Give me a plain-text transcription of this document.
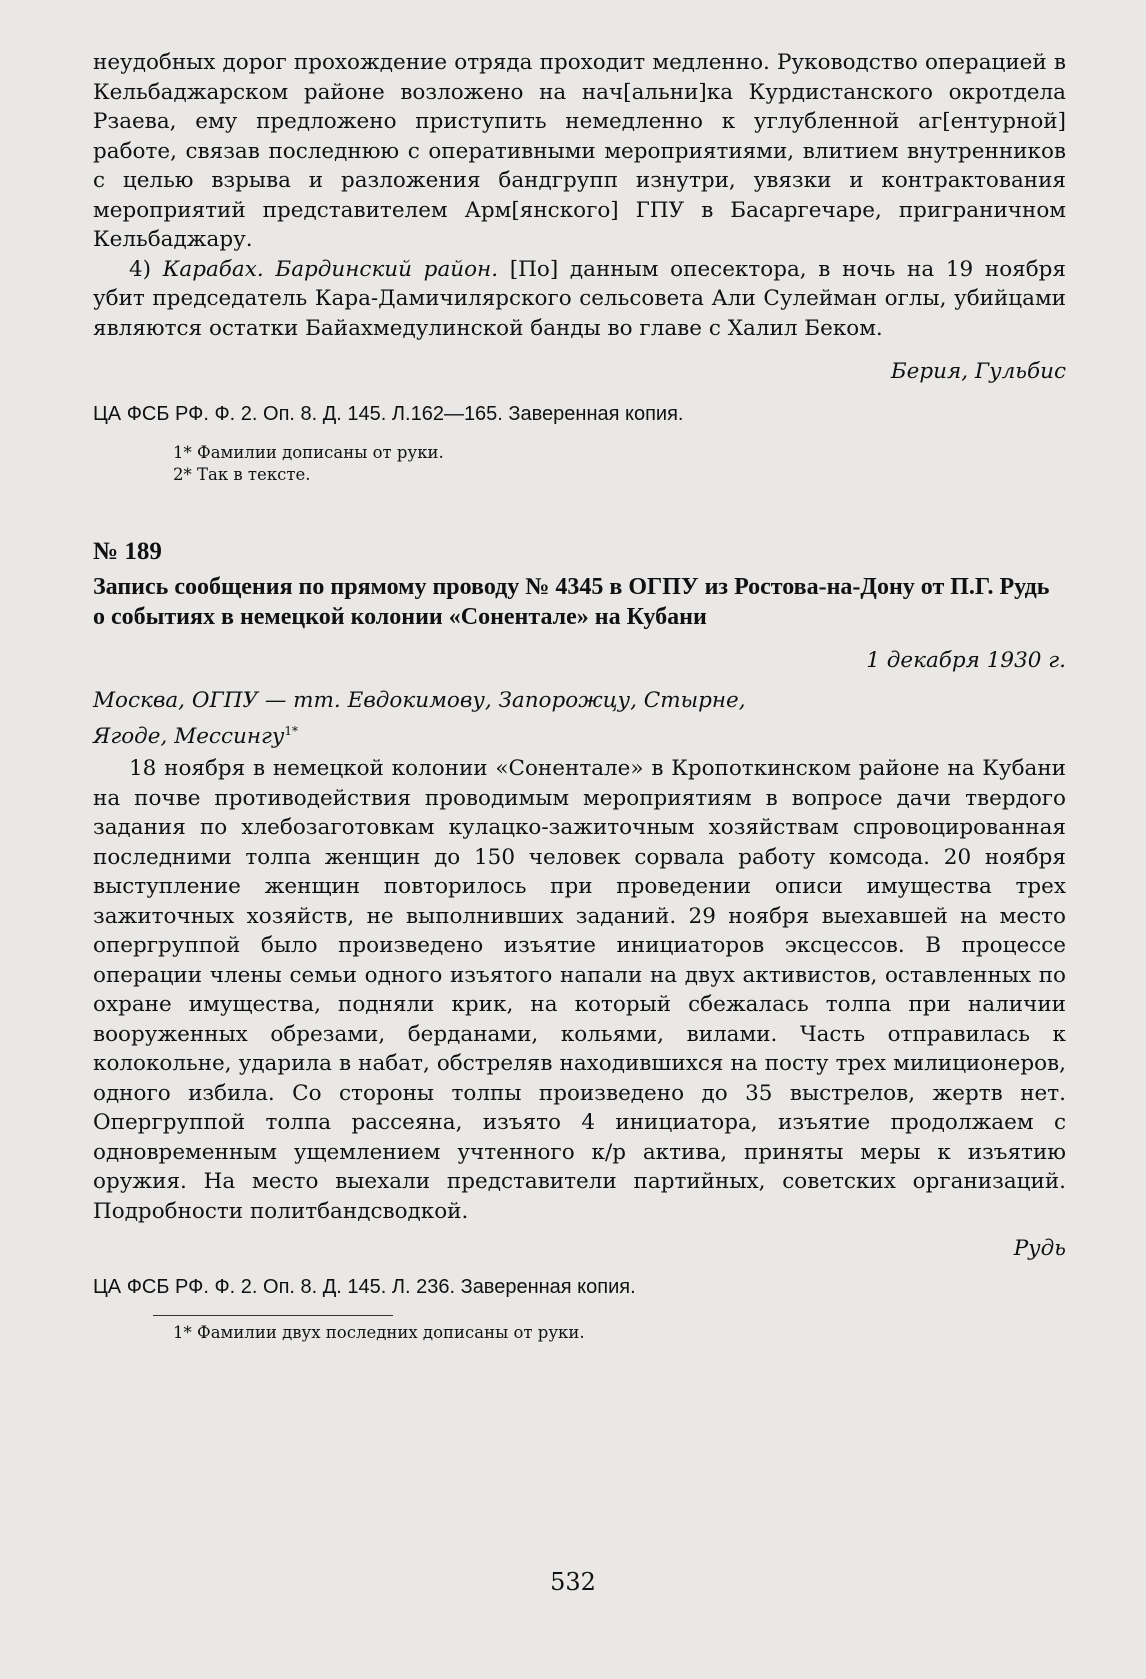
неудобных дорог прохождение отряда проходит медленно. Руководство операцией в Кельбаджарском районе возложено на нач[альни]ка Курдистанского окротдела Рзаева, ему предложено приступить немедленно к углубленной аг[ентурной] работе, связав последнюю с оперативными мероприятиями, влитием внутренников с целью взрыва и разложения бандгрупп изнутри, увязки и контрактования мероприятий представителем Арм[янского] ГПУ в Басаргечаре, приграничном Кельбаджару.

4) Карабах. Бардинский район. [По] данным опесектора, в ночь на 19 ноября убит председатель Кара-Дамичилярского сельсовета Али Сулейман оглы, убийцами являются остатки Байахмедулинской банды во главе с Халил Беком.

Берия, Гульбис

ЦА ФСБ РФ. Ф. 2. Оп. 8. Д. 145. Л.162—165. Заверенная копия.

1* Фамилии дописаны от руки.

2* Так в тексте.

№ 189

Запись сообщения по прямому проводу № 4345 в ОГПУ из Ростова-на-Дону от П.Г. Рудь о событиях в немецкой колонии «Сонентале» на Кубани

1 декабря 1930 г.

Москва, ОГПУ — тт. Евдокимову, Запорожцу, Стырне, Ягоде, Мессингу$^{1*}$

18 ноября в немецкой колонии «Сонентале» в Кропоткинском районе на Кубани на почве противодействия проводимым мероприятиям в вопросе дачи твердого задания по хлебозаготовкам кулацко-зажиточным хозяйствам спровоцированная последними толпа женщин до 150 человек сорвала работу комсода. 20 ноября выступление женщин повторилось при проведении описи имущества трех зажиточных хозяйств, не выполнивших заданий. 29 ноября выехавшей на место опергруппой было произведено изъятие инициаторов эксцессов. В процессе операции члены семьи одного изъятого напали на двух активистов, оставленных по охране имущества, подняли крик, на который сбежалась толпа при наличии вооруженных обрезами, берданами, кольями, вилами. Часть отправилась к колокольне, ударила в набат, обстреляв находившихся на посту трех милиционеров, одного избила. Со стороны толпы произведено до 35 выстрелов, жертв нет. Опергруппой толпа рассеяна, изъято 4 инициатора, изъятие продолжаем с одновременным ущемлением учтенного к/р актива, приняты меры к изъятию оружия. На место выехали представители партийных, советских организаций. Подробности политбандсводкой.

Рудь

ЦА ФСБ РФ. Ф. 2. Оп. 8. Д. 145. Л. 236. Заверенная копия.

1* Фамилии двух последних дописаны от руки.

532
